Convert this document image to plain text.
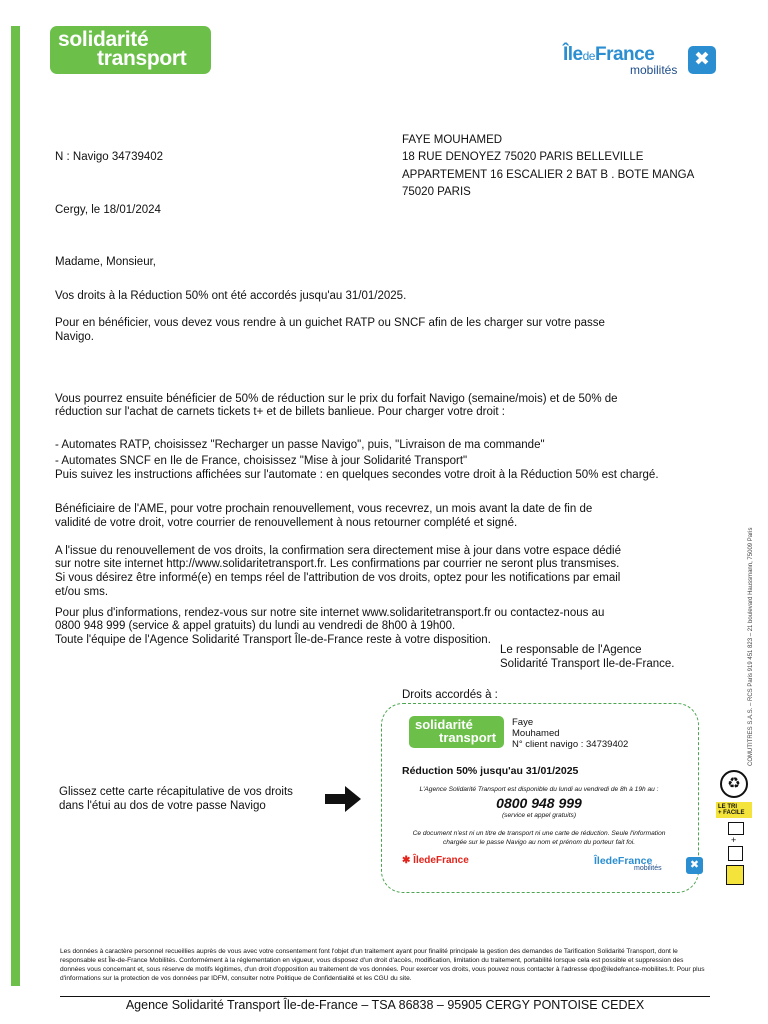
solidarité
transport
ıııı
ÎledeFrance
mobilités ✖
FAYE MOUHAMED
18 RUE DENOYEZ 75020 PARIS BELLEVILLE
APPARTEMENT 16 ESCALIER 2 BAT B . BOTE MANGA
75020 PARIS
N : Navigo 34739402
Cergy, le 18/01/2024
Madame, Monsieur,
Vos droits à la Réduction 50% ont été accordés jusqu'au 31/01/2025.
Pour en bénéficier, vous devez vous rendre à un guichet RATP ou SNCF afin de les charger sur votre passe
Navigo.
Vous pourrez ensuite bénéficier de 50% de réduction sur le prix du forfait Navigo (semaine/mois) et de 50% de
réduction sur l'achat de carnets tickets t+ et de billets banlieue. Pour charger votre droit :
- Automates RATP, choisissez "Recharger un passe Navigo", puis, "Livraison de ma commande"
- Automates SNCF en Ile de France, choisissez "Mise à jour Solidarité Transport"
Puis suivez les instructions affichées sur l'automate : en quelques secondes votre droit à la Réduction 50% est chargé.
Bénéficiaire de l'AME, pour votre prochain renouvellement, vous recevrez, un mois avant la date de fin de
validité de votre droit, votre courrier de renouvellement à nous retourner complété et signé.
A l'issue du renouvellement de vos droits, la confirmation sera directement mise à jour dans votre espace dédié
sur notre site internet http://www.solidaritetransport.fr. Les confirmations par courrier ne seront plus transmises.
Si vous désirez être informé(e) en temps réel de l'attribution de vos droits, optez pour les notifications par email
et/ou sms.
Pour plus d'informations, rendez-vous sur notre site internet www.solidaritetransport.fr ou contactez-nous au
0800 948 999 (service & appel gratuits) du lundi au vendredi de 8h00 à 19h00.
Toute l'équipe de l'Agence Solidarité Transport Île-de-France reste à votre disposition.
Le responsable de l'Agence
Solidarité Transport Ile-de-France.
Droits accordés à :
solidarité
transport
Faye
Mouhamed
N° client navigo : 34739402
Réduction 50% jusqu'au 31/01/2025
L'Agence Solidarité Transport est disponible du lundi au vendredi de 8h à 19h au :
0800 948 999
(service et appel gratuits)
Ce document n'est ni un titre de transport ni une carte de réduction. Seule l'information
chargée sur le passe Navigo au nom et prénom du porteur fait foi.
✱ ÎledeFrance	ÎledeFrance
mobilités	✖
Glissez cette carte récapitulative de vos droits
dans l'étui au dos de votre passe Navigo
♻
LE TRI
+ FACILE
+
COMUTITRES S.A.S. – RCS Paris 919 451 823 – 21 boulevard Haussmann, 75009 Paris
Les données à caractère personnel recueillies auprès de vous avec votre consentement font l'objet d'un traitement ayant pour finalité principale la gestion des demandes de Tarification Solidarité Transport, dont le responsable est Île-de-France Mobilités. Conformément à la réglementation en vigueur, vous disposez d'un droit d'accès, modification, limitation du traitement, portabilité lorsque cela est possible et suppression des données vous concernant et, sous réserve de motifs légitimes, d'un droit d'opposition au traitement de vos données. Pour exercer vos droits, vous pouvez nous contacter à l'adresse dpo@iledefrance-mobilites.fr. Pour plus d'informations sur la protection de vos données par IDFM, consulter notre Politique de Confidentialité et les CGU du site.
Agence Solidarité Transport Île-de-France – TSA 86838 – 95905 CERGY PONTOISE CEDEX
